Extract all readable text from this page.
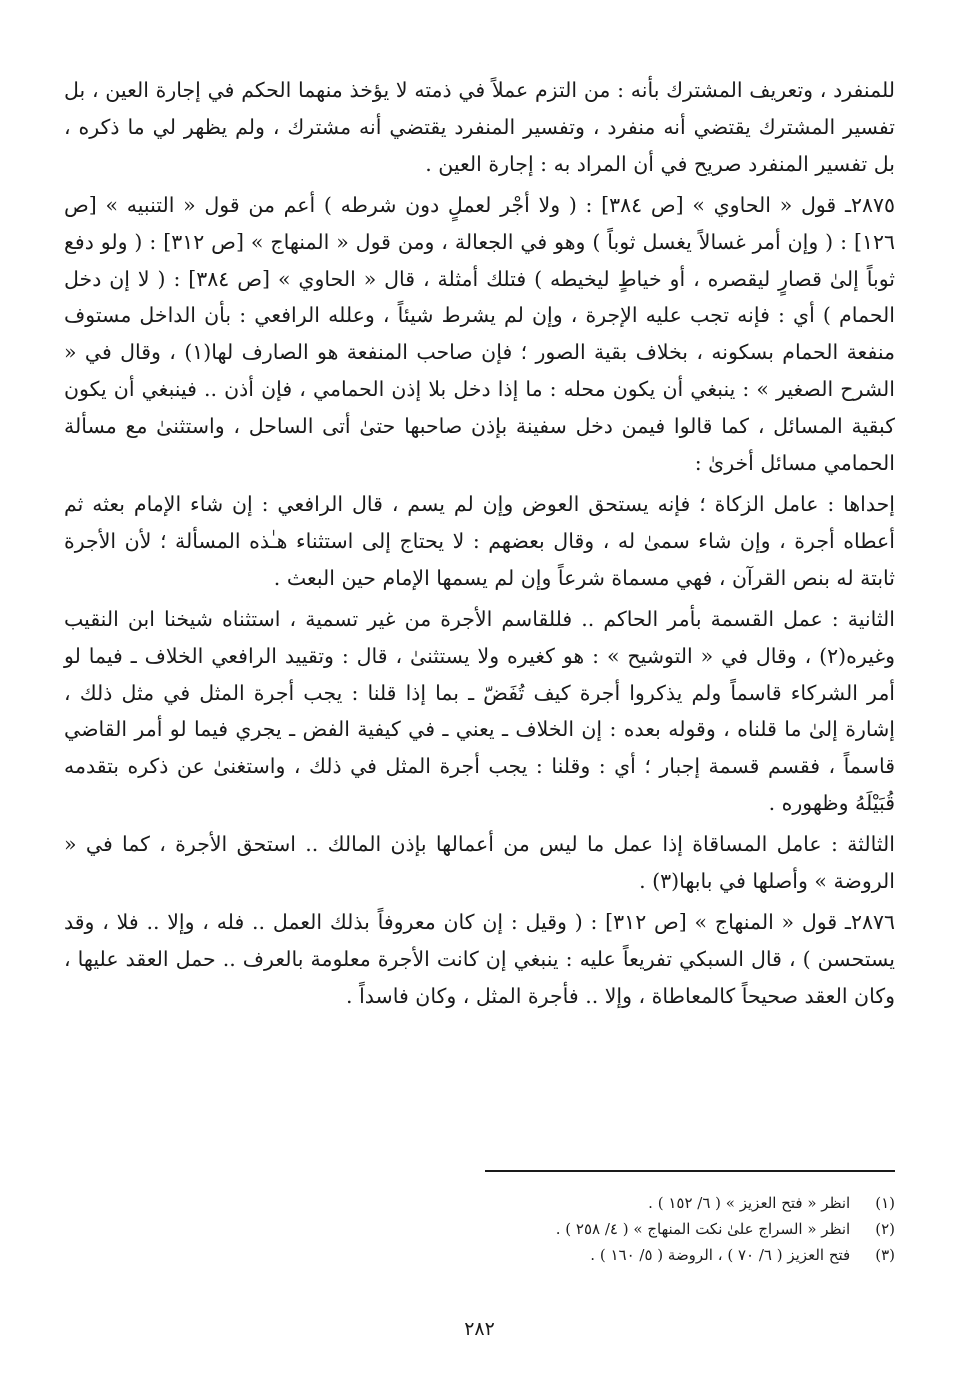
للمنفرد ، وتعريف المشترك بأنه : من التزم عملاً في ذمته لا يؤخذ منهما الحكم في إجارة العين ، بل تفسير المشترك يقتضي أنه منفرد ، وتفسير المنفرد يقتضي أنه مشترك ، ولم يظهر لي ما ذكره ، بل تفسير المنفرد صريح في أن المراد به : إجارة العين .

٢٨٧٥ـ قول « الحاوي » [ص ٣٨٤] : ( ولا أجْر لعملٍ دون شرطه ) أعم من قول « التنبيه » [ص ١٢٦] : ( وإن أمر غسالاً يغسل ثوباً ) وهو في الجعالة ، ومن قول « المنهاج » [ص ٣١٢] : ( ولو دفع ثوباً إلىٰ قصارٍ ليقصره ، أو خياطٍ ليخيطه ) فتلك أمثلة ، قال « الحاوي » [ص ٣٨٤] : ( لا إن دخل الحمام ) أي : فإنه تجب عليه الإجرة ، وإن لم يشرط شيئاً ، وعلله الرافعي : بأن الداخل مستوف منفعة الحمام بسكونه ، بخلاف بقية الصور ؛ فإن صاحب المنفعة هو الصارف لها(١) ، وقال في « الشرح الصغير » : ينبغي أن يكون محله : ما إذا دخل بلا إذن الحمامي ، فإن أذن .. فينبغي أن يكون كبقية المسائل ، كما قالوا فيمن دخل سفينة بإذن صاحبها حتىٰ أتى الساحل ، واستثنىٰ مع مسألة الحمامي مسائل أخرىٰ :

إحداها : عامل الزكاة ؛ فإنه يستحق العوض وإن لم يسم ، قال الرافعي : إن شاء الإمام بعثه ثم أعطاه أجرة ، وإن شاء سمىٰ له ، وقال بعضهم : لا يحتاج إلى استثناء هـٰذه المسألة ؛ لأن الأجرة ثابتة له بنص القرآن ، فهي مسماة شرعاً وإن لم يسمها الإمام حين البعث .

الثانية : عمل القسمة بأمر الحاكم .. فللقاسم الأجرة من غير تسمية ، استثناه شيخنا ابن النقيب وغيره(٢) ، وقال في « التوشيح » : هو كغيره ولا يستثنىٰ ، قال : وتقييد الرافعي الخلاف ـ فيما لو أمر الشركاء قاسماً ولم يذكروا أجرة كيف تُفَضّ ـ بما إذا قلنا : يجب أجرة المثل في مثل ذلك ، إشارة إلىٰ ما قلناه ، وقوله بعده : إن الخلاف ـ يعني ـ في كيفية الفض ـ يجري فيما لو أمر القاضي قاسماً ، فقسم قسمة إجبار ؛ أي : وقلنا : يجب أجرة المثل في ذلك ، واستغنىٰ عن ذكره بتقدمه قُبَيْلَهُ وظهوره .

الثالثة : عامل المساقاة إذا عمل ما ليس من أعمالها بإذن المالك .. استحق الأجرة ، كما في « الروضة » وأصلها في بابها(٣) .

٢٨٧٦ـ قول « المنهاج » [ص ٣١٢] : ( وقيل : إن كان معروفاً بذلك العمل .. فله ، وإلا .. فلا ، وقد يستحسن ) ، قال السبكي تفريعاً عليه : ينبغي إن كانت الأجرة معلومة بالعرف .. حمل العقد عليها ، وكان العقد صحيحاً كالمعاطاة ، وإلا .. فأجرة المثل ، وكان فاسداً .

(١) انظر « فتح العزيز » ( ٦/ ١٥٢ ) .
(٢) انظر « السراج علىٰ نكت المنهاج » ( ٤/ ٢٥٨ ) .
(٣) فتح العزيز ( ٦/ ٧٠ ) ، الروضة ( ٥/ ١٦٠ ) .
٢٨٢
